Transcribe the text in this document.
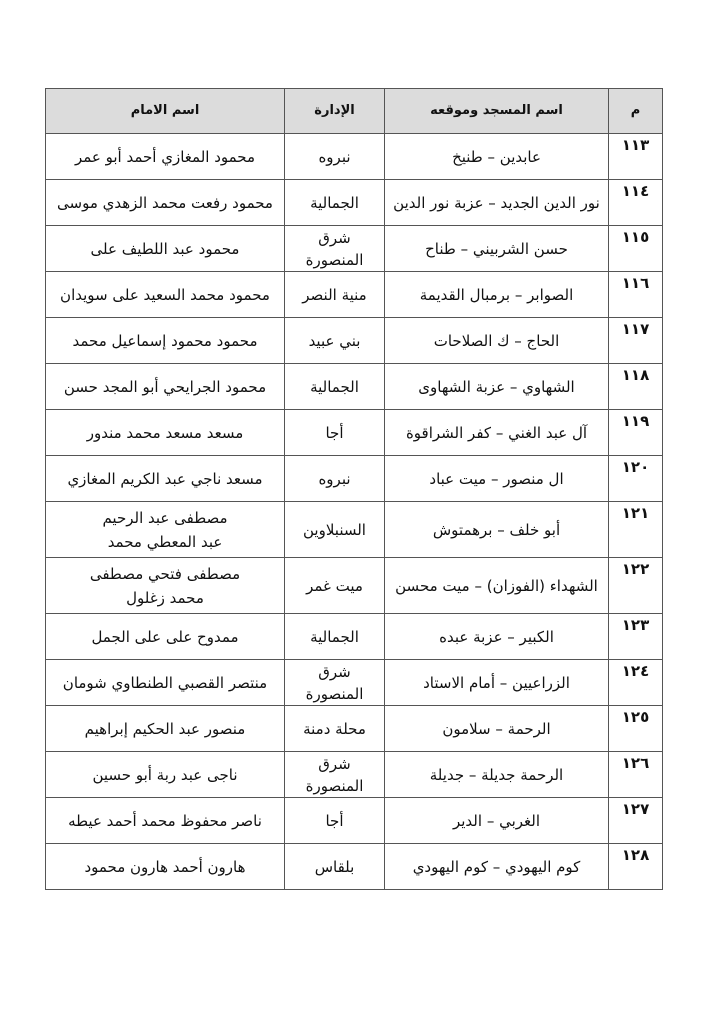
م	اسم المسجد وموقعه	الإدارة	اسم الامام
١١٣	عابدين – طنيخ	نبروه	محمود المغازي أحمد أبو عمر
١١٤	نور الدين الجديد – عزبة نور الدين	الجمالية	محمود رفعت محمد الزهدي موسى
١١٥	حسن الشربيني – طناح	شرق المنصورة	محمود عبد اللطيف على
١١٦	الصوابر – برمبال القديمة	منية النصر	محمود محمد السعيد على سويدان
١١٧	الحاج – ك الصلاحات	بني عبيد	محمود محمود إسماعيل محمد
١١٨	الشهاوي – عزبة الشهاوى	الجمالية	محمود الجرايحي أبو المجد حسن
١١٩	آل عبد الغني – كفر الشراقوة	أجا	مسعد مسعد محمد مندور
١٢٠	ال منصور – ميت عباد	نبروه	مسعد ناجي عبد الكريم المغازي
١٢١	أبو خلف – برهمتوش	السنبلاوين	مصطفى عبد الرحيم
عبد المعطي محمد

١٢٢	الشهداء (الفوزان) – ميت محسن	ميت غمر	مصطفى فتحي مصطفى
محمد زغلول

١٢٣	الكبير – عزبة عبده	الجمالية	ممدوح على على الجمل
١٢٤	الزراعيين – أمام الاستاد	شرق المنصورة	منتصر القصبي الطنطاوي شومان
١٢٥	الرحمة – سلامون	محلة دمنة	منصور عبد الحكيم إبراهيم
١٢٦	الرحمة جديلة – جديلة	شرق المنصورة	ناجى عبد ربة أبو حسين
١٢٧	الغربي – الدير	أجا	ناصر محفوظ محمد أحمد عيطه
١٢٨	كوم اليهودي – كوم اليهودي	بلقاس	هارون أحمد هارون محمود
